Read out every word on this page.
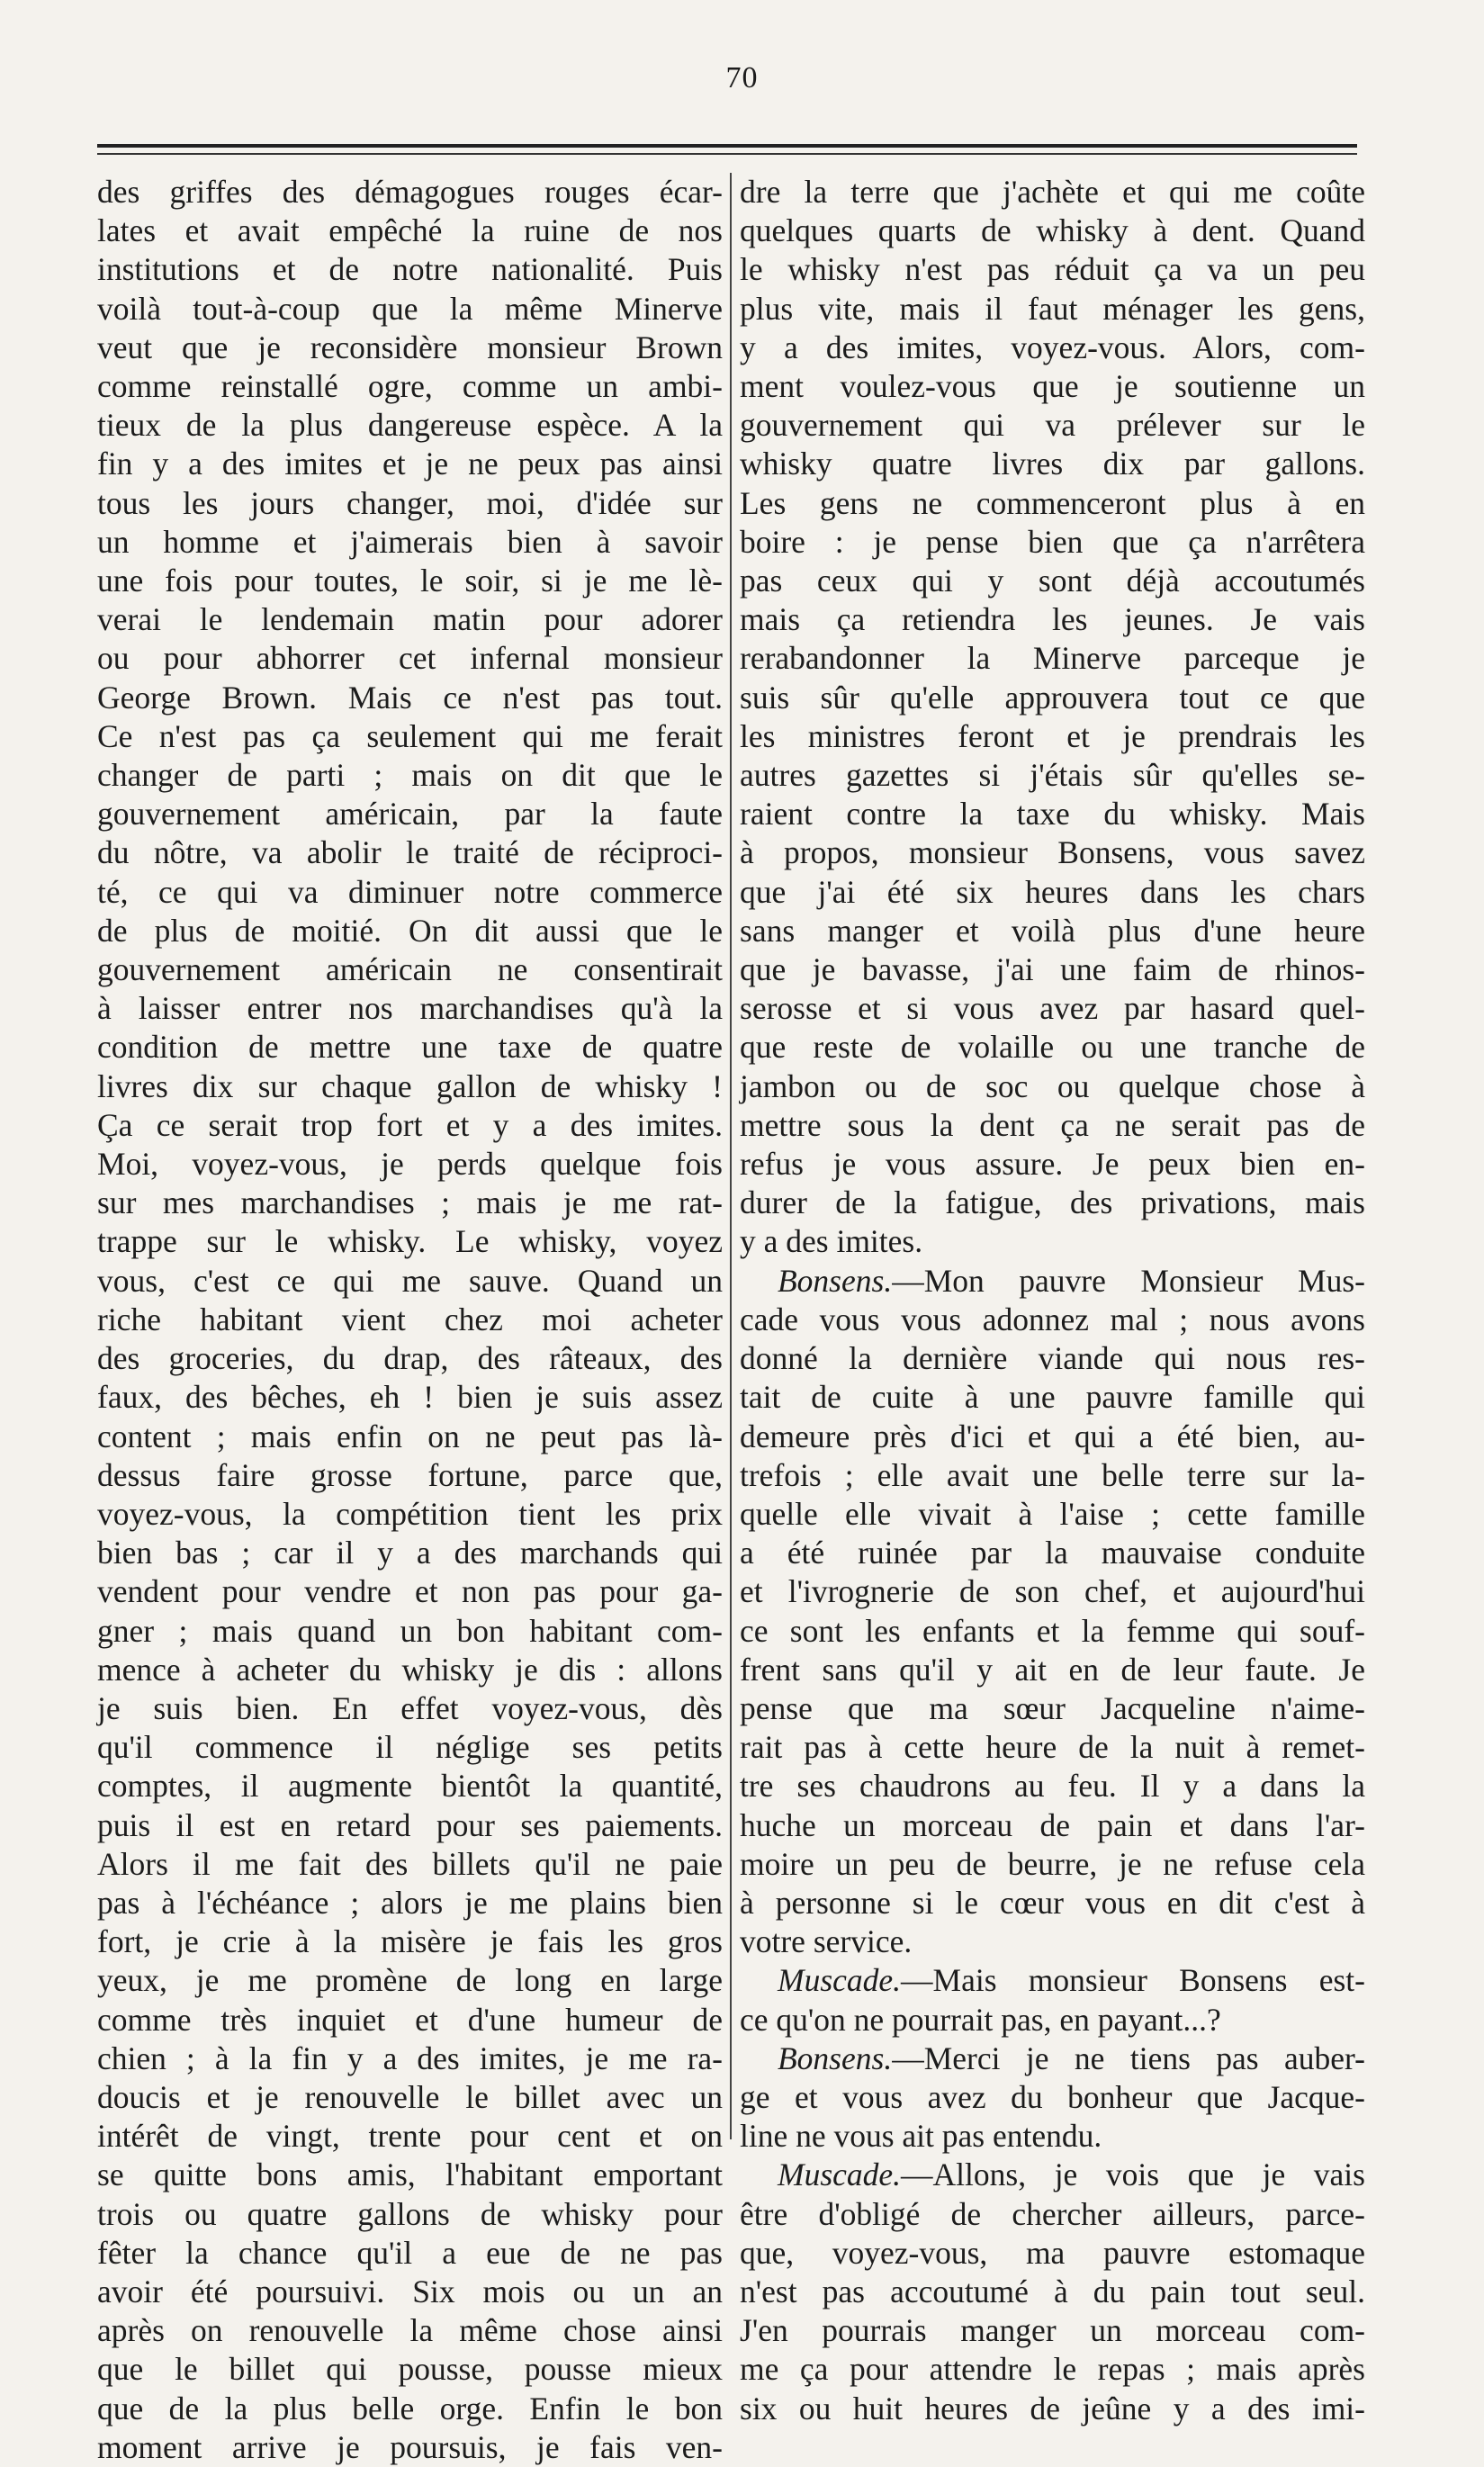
70
des griffes des démagogues rouges écar-
lates et avait empêché la ruine de nos
institutions et de notre nationalité. Puis
voilà tout-à-coup que la même Minerve
veut que je reconsidère monsieur Brown
comme reinstallé ogre, comme un ambi-
tieux de la plus dangereuse espèce. A la
fin y a des imites et je ne peux pas ainsi
tous les jours changer, moi, d'idée sur
un homme et j'aimerais bien à savoir
une fois pour toutes, le soir, si je me lè-
verai le lendemain matin pour adorer
ou pour abhorrer cet infernal monsieur
George Brown. Mais ce n'est pas tout.
Ce n'est pas ça seulement qui me ferait
changer de parti ; mais on dit que le
gouvernement américain, par la faute
du nôtre, va abolir le traité de réciproci-
té, ce qui va diminuer notre commerce
de plus de moitié. On dit aussi que le
gouvernement américain ne consentirait
à laisser entrer nos marchandises qu'à la
condition de mettre une taxe de quatre
livres dix sur chaque gallon de whisky !
Ça ce serait trop fort et y a des imites.
Moi, voyez-vous, je perds quelque fois
sur mes marchandises ; mais je me rat-
trappe sur le whisky. Le whisky, voyez
vous, c'est ce qui me sauve. Quand un
riche habitant vient chez moi acheter
des groceries, du drap, des râteaux, des
faux, des bêches, eh ! bien je suis assez
content ; mais enfin on ne peut pas là-
dessus faire grosse fortune, parce que,
voyez-vous, la compétition tient les prix
bien bas ; car il y a des marchands qui
vendent pour vendre et non pas pour ga-
gner ; mais quand un bon habitant com-
mence à acheter du whisky je dis : allons
je suis bien. En effet voyez-vous, dès
qu'il commence il néglige ses petits
comptes, il augmente bientôt la quantité,
puis il est en retard pour ses paiements.
Alors il me fait des billets qu'il ne paie
pas à l'échéance ; alors je me plains bien
fort, je crie à la misère je fais les gros
yeux, je me promène de long en large
comme très inquiet et d'une humeur de
chien ; à la fin y a des imites, je me ra-
doucis et je renouvelle le billet avec un
intérêt de vingt, trente pour cent et on
se quitte bons amis, l'habitant emportant
trois ou quatre gallons de whisky pour
fêter la chance qu'il a eue de ne pas
avoir été poursuivi. Six mois ou un an
après on renouvelle la même chose ainsi
que le billet qui pousse, pousse mieux
que de la plus belle orge. Enfin le bon
moment arrive je poursuis, je fais ven-
dre la terre que j'achète et qui me coûte
quelques quarts de whisky à dent. Quand
le whisky n'est pas réduit ça va un peu
plus vite, mais il faut ménager les gens,
y a des imites, voyez-vous. Alors, com-
ment voulez-vous que je soutienne un
gouvernement qui va prélever sur le
whisky quatre livres dix par gallons.
Les gens ne commenceront plus à en
boire : je pense bien que ça n'arrêtera
pas ceux qui y sont déjà accoutumés
mais ça retiendra les jeunes. Je vais
rerabandonner la Minerve parceque je
suis sûr qu'elle approuvera tout ce que
les ministres feront et je prendrais les
autres gazettes si j'étais sûr qu'elles se-
raient contre la taxe du whisky. Mais
à propos, monsieur Bonsens, vous savez
que j'ai été six heures dans les chars
sans manger et voilà plus d'une heure
que je bavasse, j'ai une faim de rhinos-
serosse et si vous avez par hasard quel-
que reste de volaille ou une tranche de
jambon ou de soc ou quelque chose à
mettre sous la dent ça ne serait pas de
refus je vous assure. Je peux bien en-
durer de la fatigue, des privations, mais
y a des imites.
Bonsens.—Mon pauvre Monsieur Mus-
cade vous vous adonnez mal ; nous avons
donné la dernière viande qui nous res-
tait de cuite à une pauvre famille qui
demeure près d'ici et qui a été bien, au-
trefois ; elle avait une belle terre sur la-
quelle elle vivait à l'aise ; cette famille
a été ruinée par la mauvaise conduite
et l'ivrognerie de son chef, et aujourd'hui
ce sont les enfants et la femme qui souf-
frent sans qu'il y ait en de leur faute. Je
pense que ma sœur Jacqueline n'aime-
rait pas à cette heure de la nuit à remet-
tre ses chaudrons au feu. Il y a dans la
huche un morceau de pain et dans l'ar-
moire un peu de beurre, je ne refuse cela
à personne si le cœur vous en dit c'est à
votre service.
Muscade.—Mais monsieur Bonsens est-
ce qu'on ne pourrait pas, en payant...?
Bonsens.—Merci je ne tiens pas auber-
ge et vous avez du bonheur que Jacque-
line ne vous ait pas entendu.
Muscade.—Allons, je vois que je vais
être d'obligé de chercher ailleurs, parce-
que, voyez-vous, ma pauvre estomaque
n'est pas accoutumé à du pain tout seul.
J'en pourrais manger un morceau com-
me ça pour attendre le repas ; mais après
six ou huit heures de jeûne y a des imi-
